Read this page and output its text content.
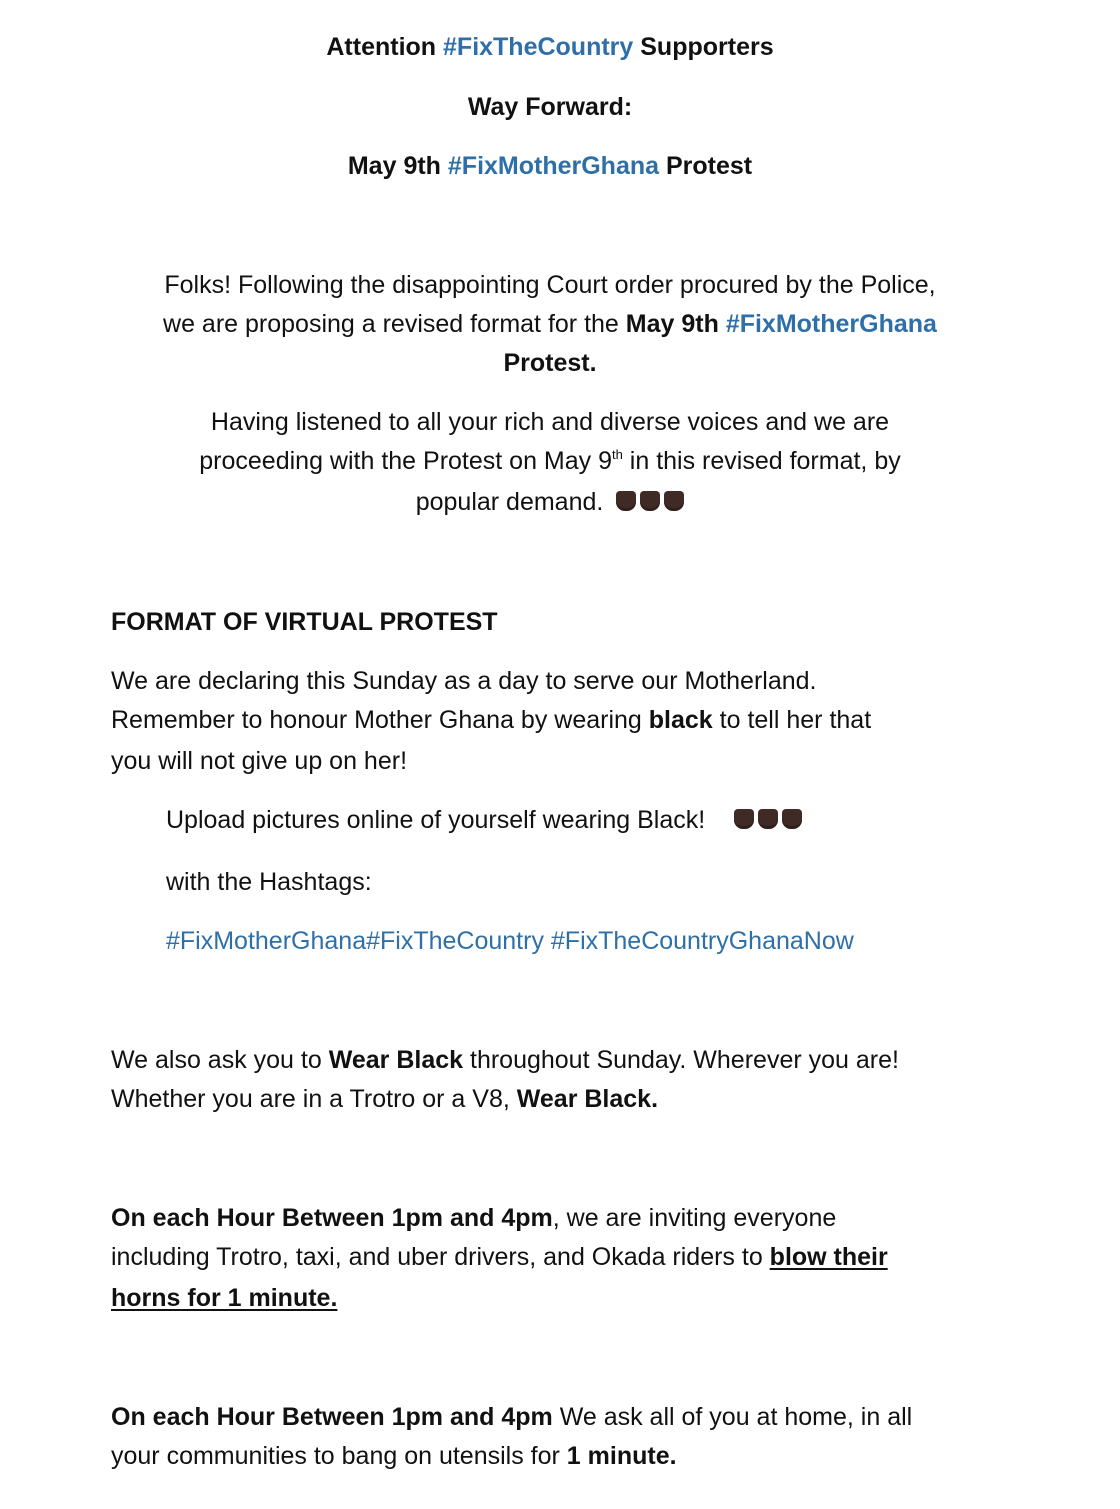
Attention #FixTheCountry Supporters
Way Forward:
May 9th #FixMotherGhana Protest
Folks! Following the disappointing Court order procured by the Police,
we are proposing a revised format for the May 9th #FixMotherGhana
Protest.
Having listened to all your rich and diverse voices and we are
proceeding with the Protest on May 9th in this revised format, by
popular demand.
FORMAT OF VIRTUAL PROTEST
We are declaring this Sunday as a day to serve our Motherland.
Remember to honour Mother Ghana by wearing black to tell her that
you will not give up on her!
Upload pictures online of yourself wearing Black!
with the Hashtags:
#FixMotherGhana#FixTheCountry #FixTheCountryGhanaNow
We also ask you to Wear Black throughout Sunday. Wherever you are!
Whether you are in a Trotro or a V8, Wear Black.
On each Hour Between 1pm and 4pm, we are inviting everyone
including Trotro, taxi, and uber drivers, and Okada riders to blow their
horns for 1 minute.
On each Hour Between 1pm and 4pm We ask all of you at home, in all
your communities to bang on utensils for 1 minute.
